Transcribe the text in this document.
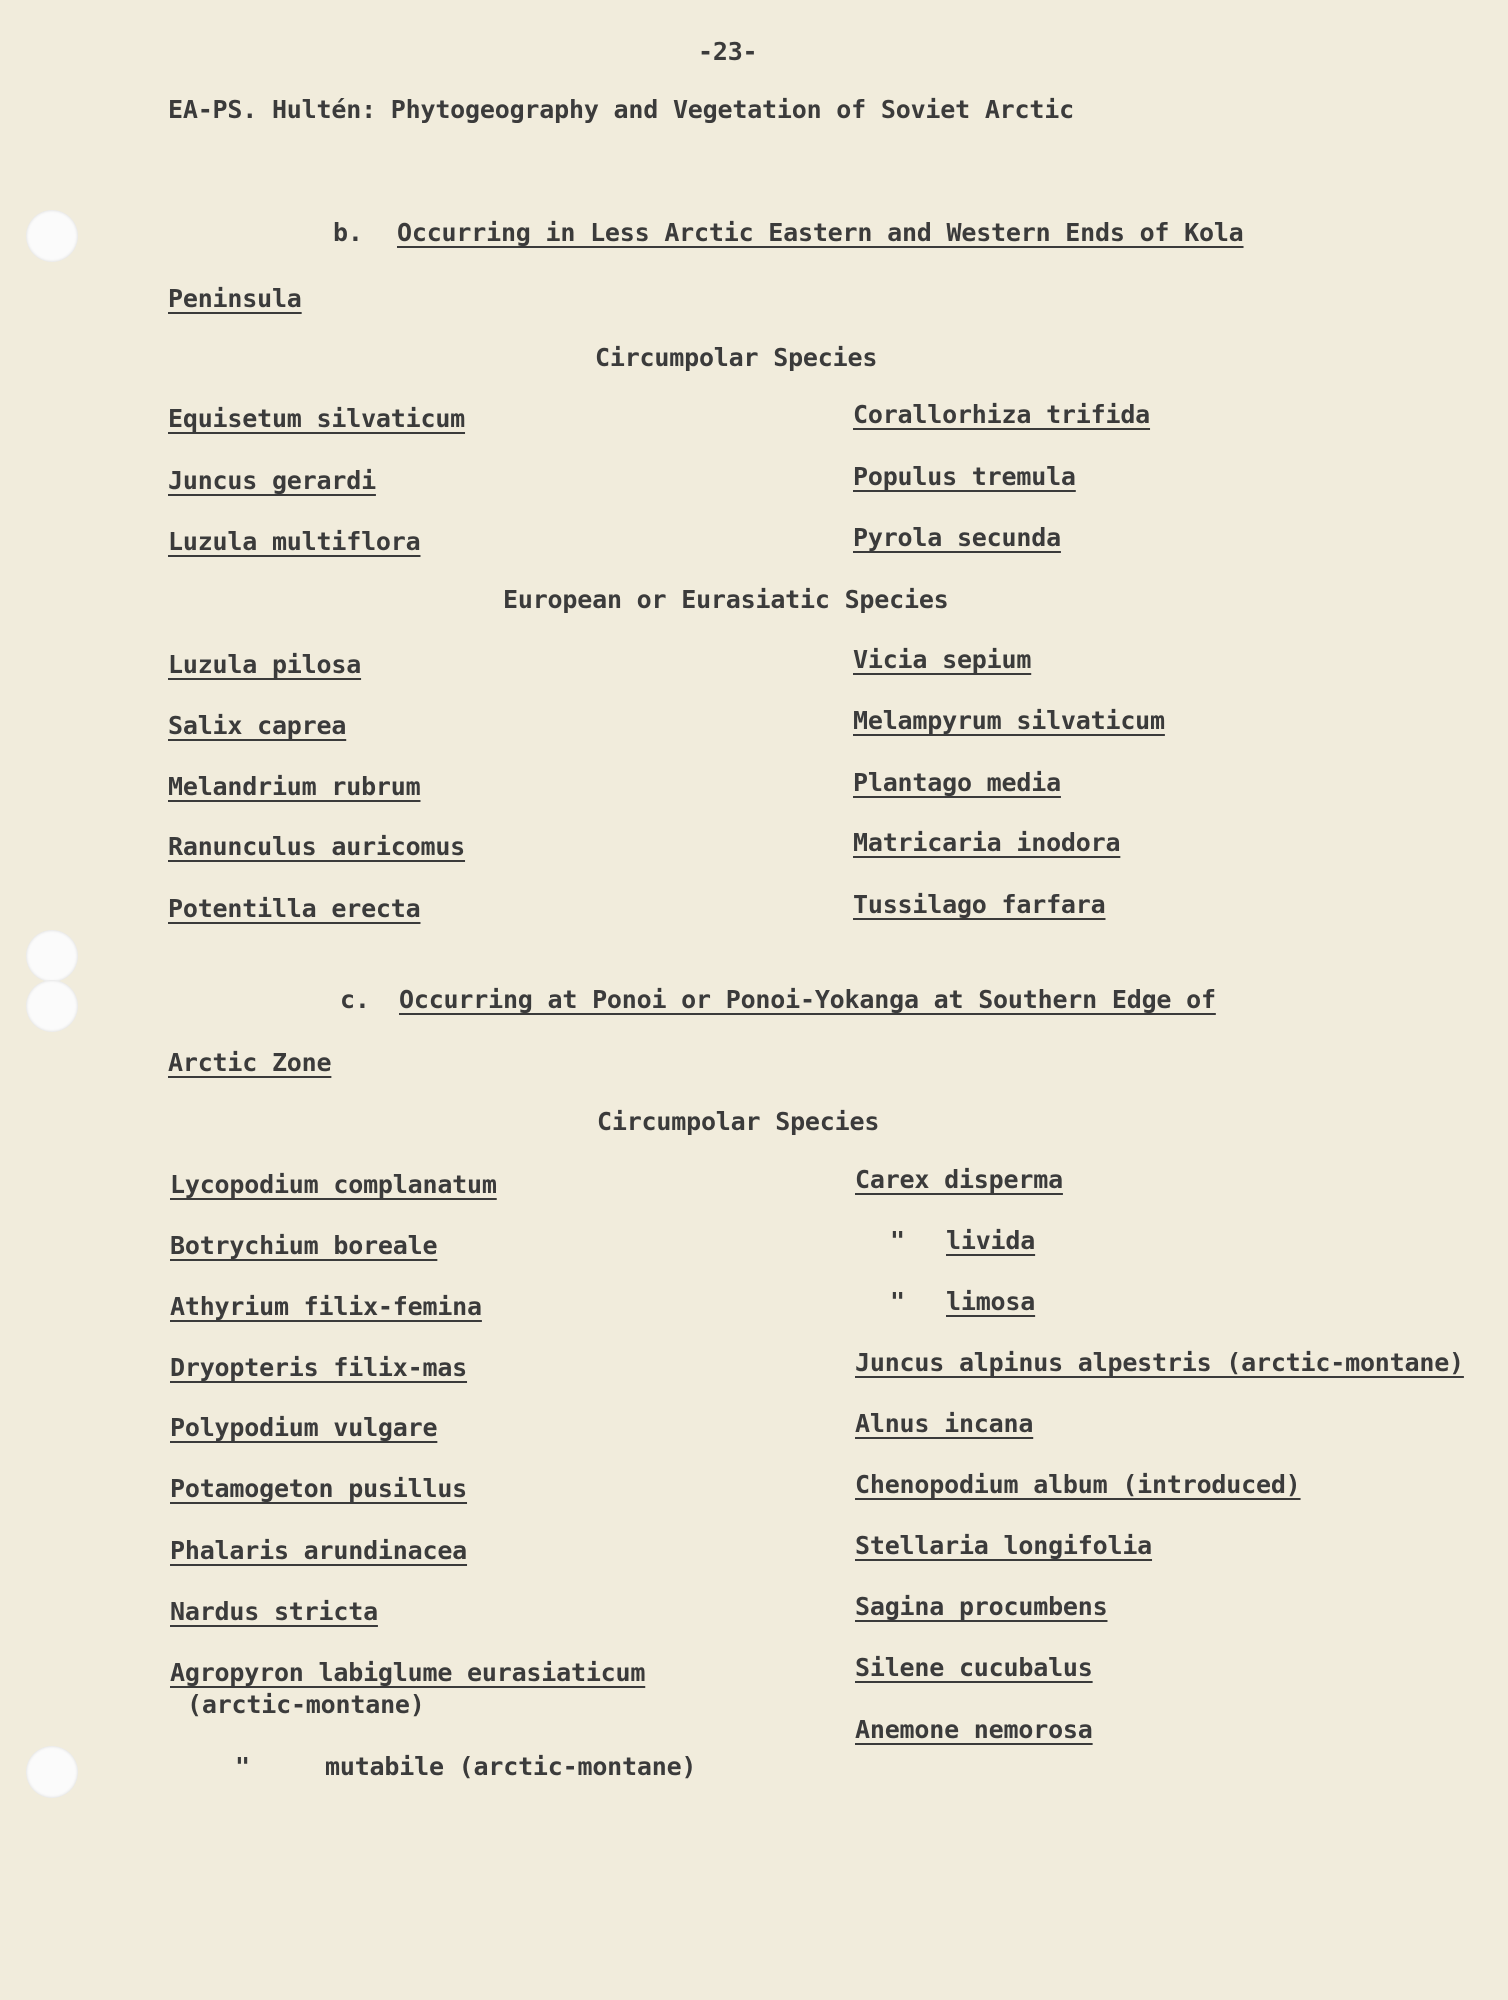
-23-
EA-PS. Hultén: Phytogeography and Vegetation of Soviet Arctic
b. Occurring in Less Arctic Eastern and Western Ends of Kola
Peninsula
Circumpolar Species
Equisetum silvaticum
Juncus gerardi
Luzula multiflora
Corallorhiza trifida
Populus tremula
Pyrola secunda
European or Eurasiatic Species
Luzula pilosa
Salix caprea
Melandrium rubrum
Ranunculus auricomus
Potentilla erecta
Vicia sepium
Melampyrum silvaticum
Plantago media
Matricaria inodora
Tussilago farfara
c. Occurring at Ponoi or Ponoi-Yokanga at Southern Edge of
Arctic Zone
Circumpolar Species
Lycopodium complanatum
Botrychium boreale
Athyrium filix-femina
Dryopteris filix-mas
Polypodium vulgare
Potamogeton pusillus
Phalaris arundinacea
Nardus stricta
Agropyron labiglume eurasiaticum
(arctic-montane)
"	mutabile (arctic-montane)
Carex disperma
" livida
" limosa
Juncus alpinus alpestris (arctic-montane)
Alnus incana
Chenopodium album (introduced)
Stellaria longifolia
Sagina procumbens
Silene cucubalus
Anemone nemorosa
